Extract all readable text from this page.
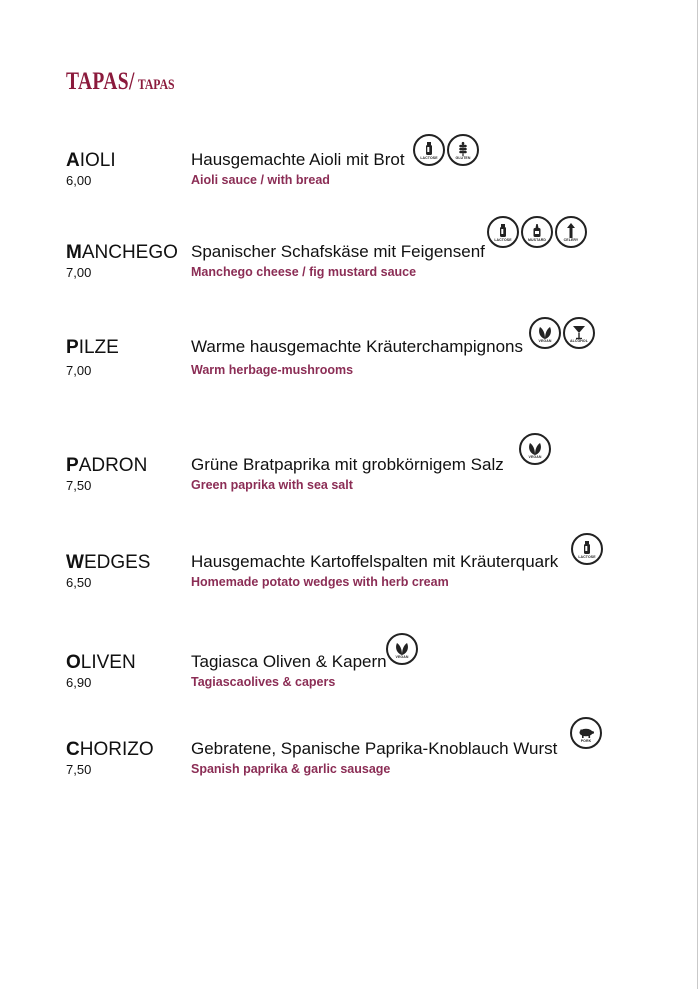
TAPAS/ TAPAS
AIOLI
6,00
Hausgemachte Aioli mit Brot
Aioli sauce / with bread
LACTOSE	GLUTEN
MANCHEGO
7,00
Spanischer Schafskäse mit Feigensenf
Manchego cheese / fig mustard sauce
LACTOSE	MUSTARD	CELERY
PILZE
7,00
Warme hausgemachte Kräuterchampignons
Warm herbage-mushrooms
VEGAN	ALCOHOL
PADRON
7,50
Grüne Bratpaprika mit grobkörnigem Salz
Green paprika with sea salt
VEGAN
WEDGES
6,50
Hausgemachte Kartoffelspalten mit Kräuterquark
Homemade potato wedges with herb cream
LACTOSE
OLIVEN
6,90
Tagiasca Oliven & Kapern
Tagiascaolives & capers
VEGAN
CHORIZO
7,50
Gebratene, Spanische Paprika-Knoblauch Wurst
Spanish paprika & garlic sausage
PORK
